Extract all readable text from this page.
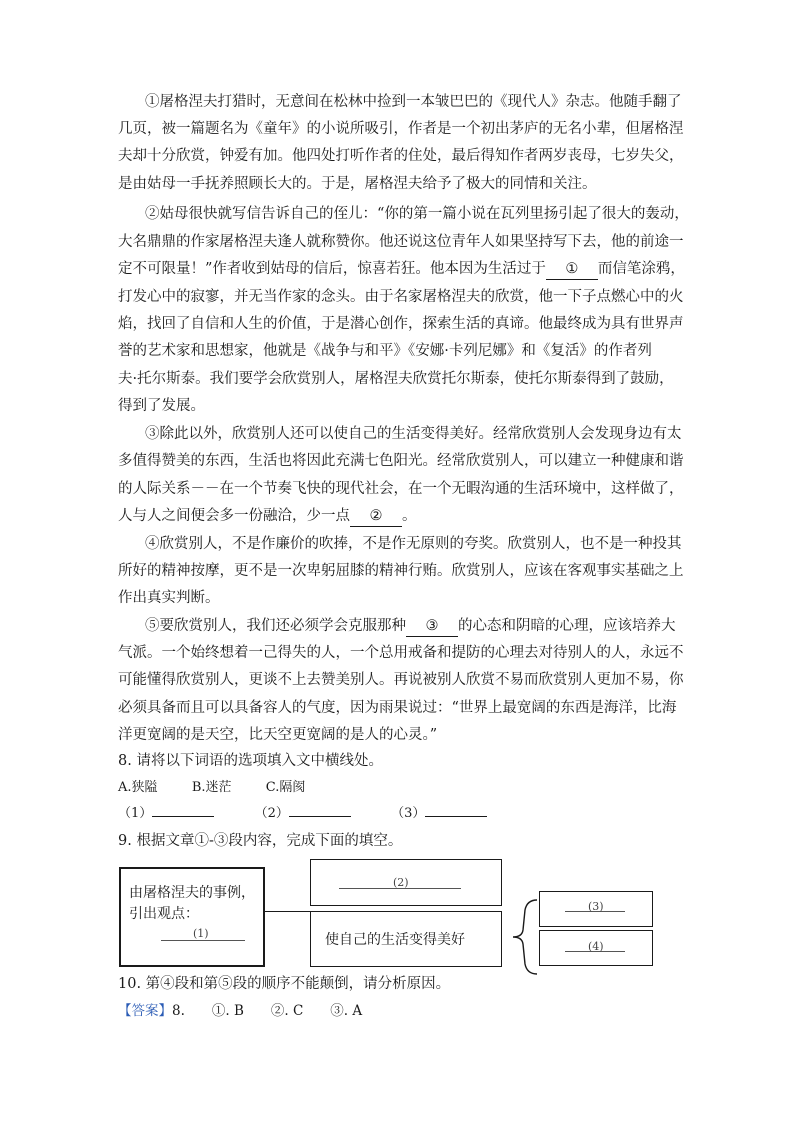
①屠格涅夫打猎时，无意间在松林中捡到一本皱巴巴的《现代人》杂志。他随手翻了
几页，被一篇题名为《童年》的小说所吸引，作者是一个初出茅庐的无名小辈，但屠格涅
夫却十分欣赏，钟爱有加。他四处打听作者的住处，最后得知作者两岁丧母，七岁失父，
是由姑母一手抚养照顾长大的。于是，屠格涅夫给予了极大的同情和关注。
②姑母很快就写信告诉自己的侄儿：“你的第一篇小说在瓦列里扬引起了很大的轰动，
大名鼎鼎的作家屠格涅夫逢人就称赞你。他还说这位青年人如果坚持写下去，他的前途一
定不可限量！”作者收到姑母的信后，惊喜若狂。他本因为生活过于 ① 而信笔涂鸦，
打发心中的寂寥，并无当作家的念头。由于名家屠格涅夫的欣赏，他一下子点燃心中的火
焰，找回了自信和人生的价值，于是潜心创作，探索生活的真谛。他最终成为具有世界声
誉的艺术家和思想家，他就是《战争与和平》《安娜·卡列尼娜》和《复活》的作者列
夫·托尔斯泰。我们要学会欣赏别人，屠格涅夫欣赏托尔斯泰，使托尔斯泰得到了鼓励，
得到了发展。
③除此以外，欣赏别人还可以使自己的生活变得美好。经常欣赏别人会发现身边有太
多值得赞美的东西，生活也将因此充满七色阳光。经常欣赏别人，可以建立一种健康和谐
的人际关系－－在一个节奏飞快的现代社会，在一个无暇沟通的生活环境中，这样做了，
人与人之间便会多一份融洽，少一点 ② 。
④欣赏别人，不是作廉价的吹捧，不是作无原则的夸奖。欣赏别人，也不是一种投其
所好的精神按摩，更不是一次卑躬屈膝的精神行贿。欣赏别人，应该在客观事实基础之上
作出真实判断。
⑤要欣赏别人，我们还必须学会克服那种 ③ 的心态和阴暗的心理，应该培养大
气派。一个始终想着一己得失的人，一个总用戒备和提防的心理去对待别人的人，永远不
可能懂得欣赏别人，更谈不上去赞美别人。再说被别人欣赏不易而欣赏别人更加不易，你
必须具备而且可以具备容人的气度，因为雨果说过：“世界上最宽阔的东西是海洋，比海
洋更宽阔的是天空，比天空更宽阔的是人的心灵。”
8. 请将以下词语的选项填入文中横线处。
A.狭隘	B.迷茫	C.隔阂
（1）	（2）	（3）
9. 根据文章①-③段内容，完成下面的填空。
由屠格涅夫的事例，
引出观点：
(1)
(2)
使自己的生活变得美好
(3)
(4)
10. 第④段和第⑤段的顺序不能颠倒，请分析原因。
【答案】8.　　①. B　　②. C　　③. A
